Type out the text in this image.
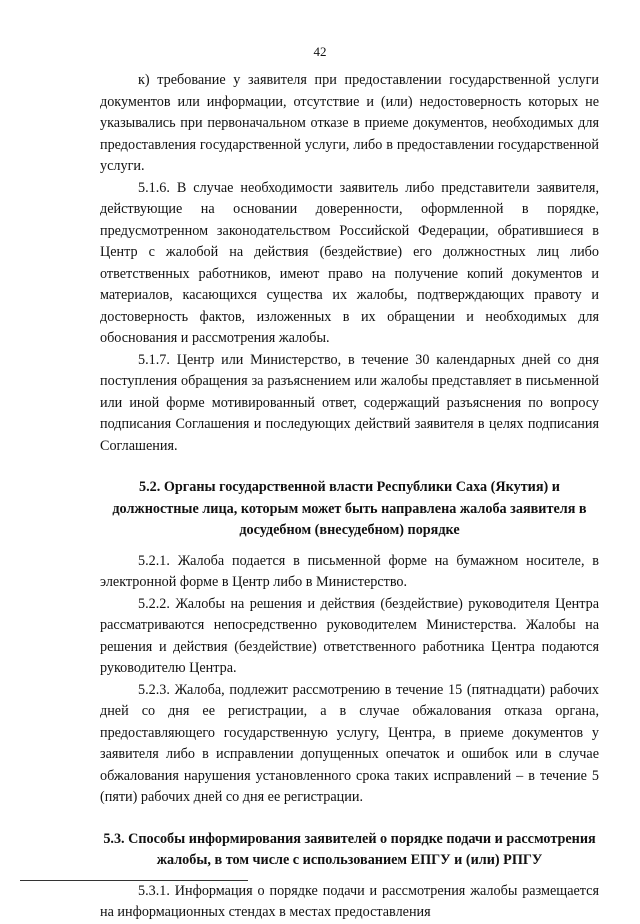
42

к) требование у заявителя при предоставлении государственной услуги документов или информации, отсутствие и (или) недостоверность которых не указывались при первоначальном отказе в приеме документов, необходимых для предоставления государственной услуги, либо в предоставлении государственной услуги.

5.1.6. В случае необходимости заявитель либо представители заявителя, действующие на основании доверенности, оформленной в порядке, предусмотренном законодательством Российской Федерации, обратившиеся в Центр с жалобой на действия (бездействие) его должностных лиц либо ответственных работников, имеют право на получение копий документов и материалов, касающихся существа их жалобы, подтверждающих правоту и достоверность фактов, изложенных в их обращении и необходимых для обоснования и рассмотрения жалобы.

5.1.7. Центр или Министерство, в течение 30 календарных дней со дня поступления обращения за разъяснением или жалобы представляет в письменной или иной форме мотивированный ответ, содержащий разъяснения по вопросу подписания Соглашения и последующих действий заявителя в целях подписания Соглашения.

5.2. Органы государственной власти Республики Саха (Якутия) и должностные лица, которым может быть направлена жалоба заявителя в досудебном (внесудебном) порядке

5.2.1. Жалоба подается в письменной форме на бумажном носителе, в электронной форме в Центр либо в Министерство.

5.2.2. Жалобы на решения и действия (бездействие) руководителя Центра рассматриваются непосредственно руководителем Министерства. Жалобы на решения и действия (бездействие) ответственного работника Центра подаются руководителю Центра.

5.2.3. Жалоба, подлежит рассмотрению в течение 15 (пятнадцати) рабочих дней со дня ее регистрации, а в случае обжалования отказа органа, предоставляющего государственную услугу, Центра, в приеме документов у заявителя либо в исправлении допущенных опечаток и ошибок или в случае обжалования нарушения установленного срока таких исправлений – в течение 5 (пяти) рабочих дней со дня ее регистрации.

5.3. Способы информирования заявителей о порядке подачи и рассмотрения жалобы, в том числе с использованием ЕПГУ и (или) РПГУ

5.3.1. Информация о порядке подачи и рассмотрения жалобы размещается на информационных стендах в местах предоставления
